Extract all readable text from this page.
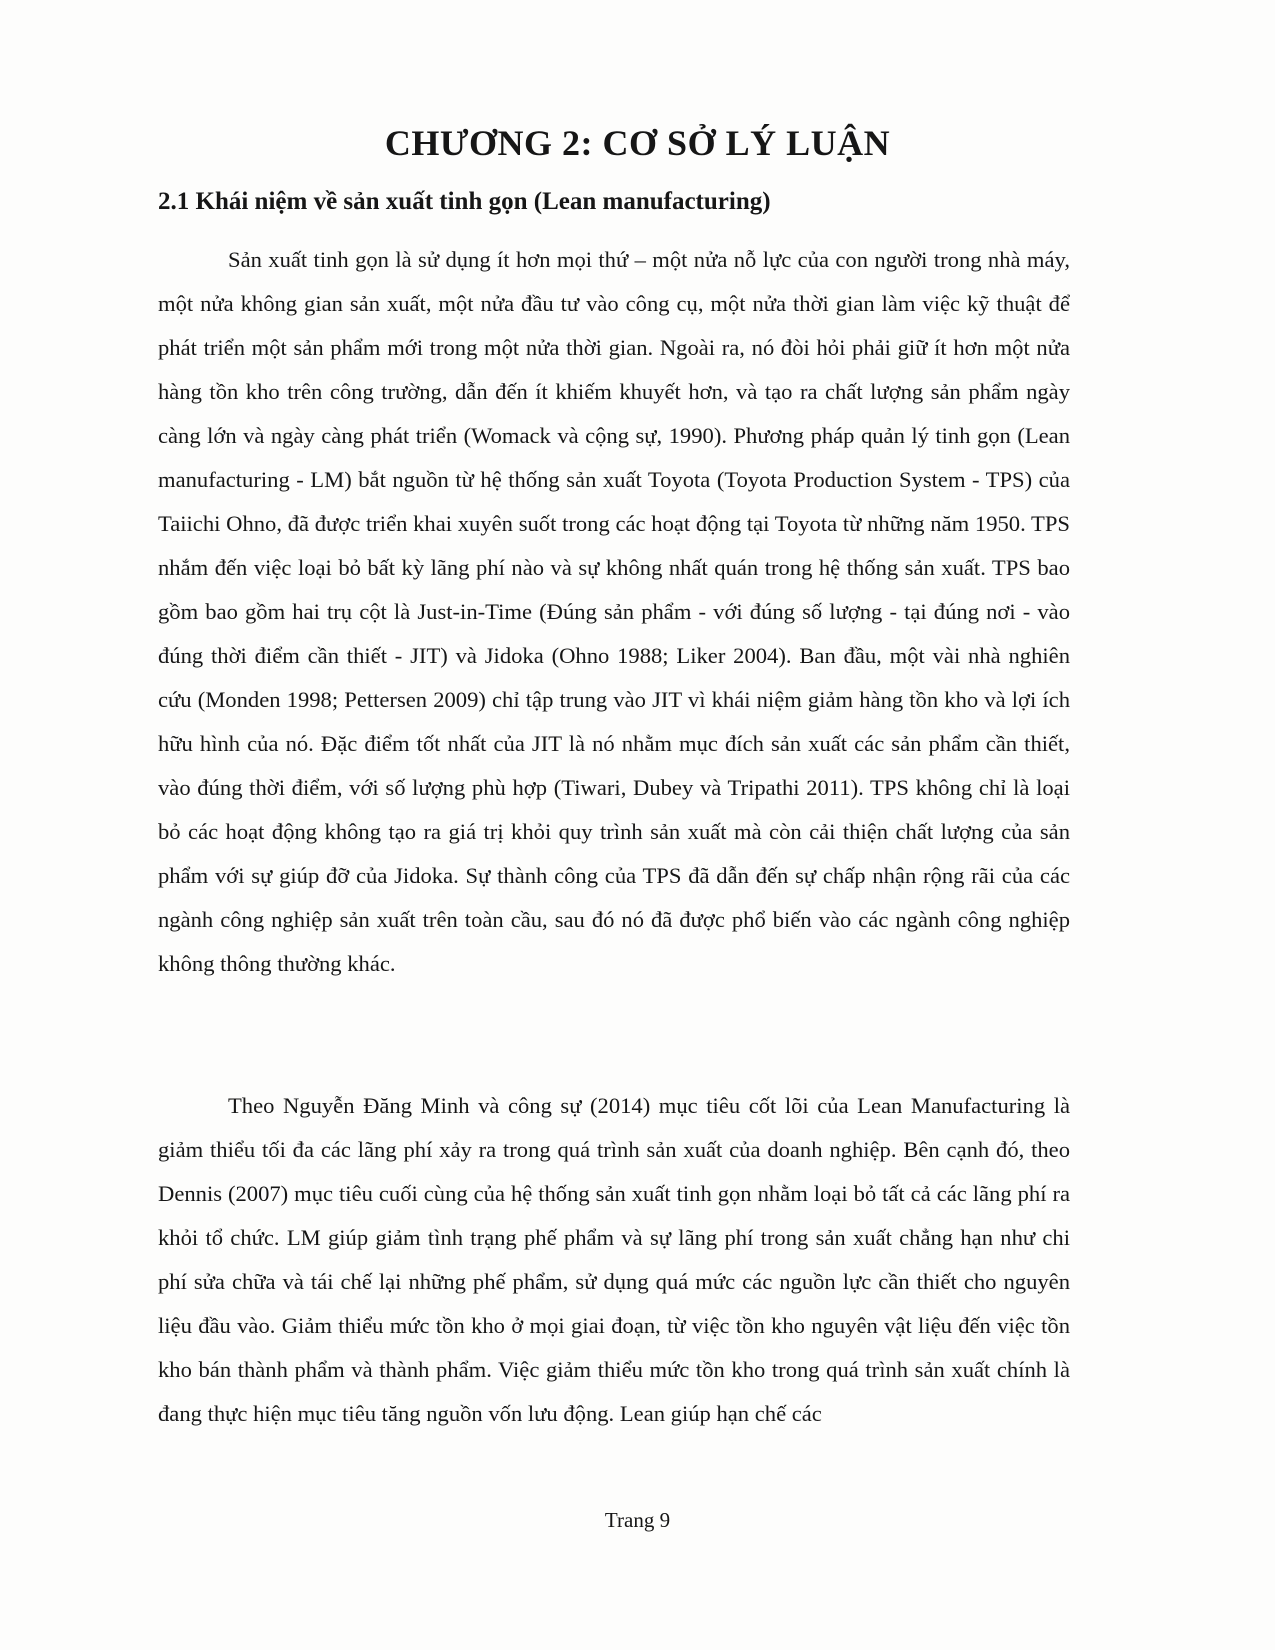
CHƯƠNG 2: CƠ SỞ LÝ LUẬN
2.1 Khái niệm về sản xuất tinh gọn (Lean manufacturing)

Sản xuất tinh gọn là sử dụng ít hơn mọi thứ – một nửa nỗ lực của con người trong nhà máy, một nửa không gian sản xuất, một nửa đầu tư vào công cụ, một nửa thời gian làm việc kỹ thuật để phát triển một sản phẩm mới trong một nửa thời gian. Ngoài ra, nó đòi hỏi phải giữ ít hơn một nửa hàng tồn kho trên công trường, dẫn đến ít khiếm khuyết hơn, và tạo ra chất lượng sản phẩm ngày càng lớn và ngày càng phát triển (Womack và cộng sự, 1990). Phương pháp quản lý tinh gọn (Lean manufacturing - LM) bắt nguồn từ hệ thống sản xuất Toyota (Toyota Production System - TPS) của Taiichi Ohno, đã được triển khai xuyên suốt trong các hoạt động tại Toyota từ những năm 1950. TPS nhắm đến việc loại bỏ bất kỳ lãng phí nào và sự không nhất quán trong hệ thống sản xuất. TPS bao gồm bao gồm hai trụ cột là Just-in-Time (Đúng sản phẩm - với đúng số lượng - tại đúng nơi - vào đúng thời điểm cần thiết - JIT) và Jidoka (Ohno 1988; Liker 2004). Ban đầu, một vài nhà nghiên cứu (Monden 1998; Pettersen 2009) chỉ tập trung vào JIT vì khái niệm giảm hàng tồn kho và lợi ích hữu hình của nó. Đặc điểm tốt nhất của JIT là nó nhằm mục đích sản xuất các sản phẩm cần thiết, vào đúng thời điểm, với số lượng phù hợp (Tiwari, Dubey và Tripathi 2011). TPS không chỉ là loại bỏ các hoạt động không tạo ra giá trị khỏi quy trình sản xuất mà còn cải thiện chất lượng của sản phẩm với sự giúp đỡ của Jidoka. Sự thành công của TPS đã dẫn đến sự chấp nhận rộng rãi của các ngành công nghiệp sản xuất trên toàn cầu, sau đó nó đã được phổ biến vào các ngành công nghiệp không thông thường khác.

Theo Nguyễn Đăng Minh và công sự (2014) mục tiêu cốt lõi của Lean Manufacturing là giảm thiểu tối đa các lãng phí xảy ra trong quá trình sản xuất của doanh nghiệp. Bên cạnh đó, theo Dennis (2007) mục tiêu cuối cùng của hệ thống sản xuất tinh gọn nhằm loại bỏ tất cả các lãng phí ra khỏi tổ chức. LM giúp giảm tình trạng phế phẩm và sự lãng phí trong sản xuất chẳng hạn như chi phí sửa chữa và tái chế lại những phế phẩm, sử dụng quá mức các nguồn lực cần thiết cho nguyên liệu đầu vào. Giảm thiểu mức tồn kho ở mọi giai đoạn, từ việc tồn kho nguyên vật liệu đến việc tồn kho bán thành phẩm và thành phẩm. Việc giảm thiểu mức tồn kho trong quá trình sản xuất chính là đang thực hiện mục tiêu tăng nguồn vốn lưu động. Lean giúp hạn chế các

Trang 9
